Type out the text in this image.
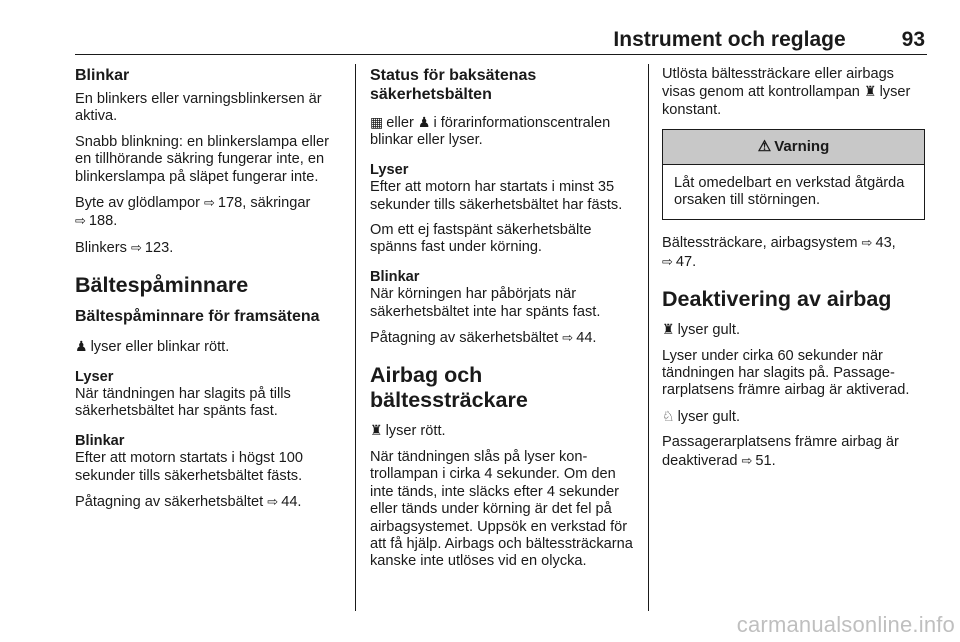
Instrument och reglage	93
Blinkar
En blinkers eller varningsblinkersen är aktiva.
Snabb blinkning: en blinkerslampa eller en tillhörande säkring fungerar inte, en blinkerslampa på släpet fungerar inte.
Byte av glödlampor ⇨ 178, säkringar ⇨ 188.
Blinkers ⇨ 123.
Bältespåminnare
Bältespåminnare för framsätena
♟ lyser eller blinkar rött.
Lyser
När tändningen har slagits på tills säkerhetsbältet har spänts fast.
Blinkar
Efter att motorn startats i högst 100 sekunder tills säkerhetsbältet fästs.
Påtagning av säkerhetsbältet ⇨ 44.
Status för baksätenas säkerhetsbälten
▦ eller ♟ i förarinformationscentralen blinkar eller lyser.
Lyser
Efter att motorn har startats i minst 35 sekunder tills säkerhetsbältet har fästs.
Om ett ej fastspänt säkerhetsbälte spänns fast under körning.
Blinkar
När körningen har påbörjats när säkerhetsbältet inte har spänts fast.
Påtagning av säkerhetsbältet ⇨ 44.
Airbag och bältessträckare
♜ lyser rött.
När tändningen slås på lyser kontrollampan i cirka 4 sekunder. Om den inte tänds, inte släcks efter 4 sekunder eller tänds under körning är det fel på airbagsystemet. Uppsök en verkstad för att få hjälp. Airbags och bältessträckarna kanske inte utlöses vid en olycka.
Utlösta bältessträckare eller airbags visas genom att kontrollampan ♜ lyser konstant.
⚠ Varning
Låt omedelbart en verkstad åtgärda orsaken till störningen.
Bältessträckare, airbagsystem ⇨ 43, ⇨ 47.
Deaktivering av airbag
♜ lyser gult.
Lyser under cirka 60 sekunder när tändningen har slagits på. Passagerarplatsens främre airbag är aktiverad.
♘ lyser gult.
Passagerarplatsens främre airbag är deaktiverad ⇨ 51.
carmanualsonline.info
